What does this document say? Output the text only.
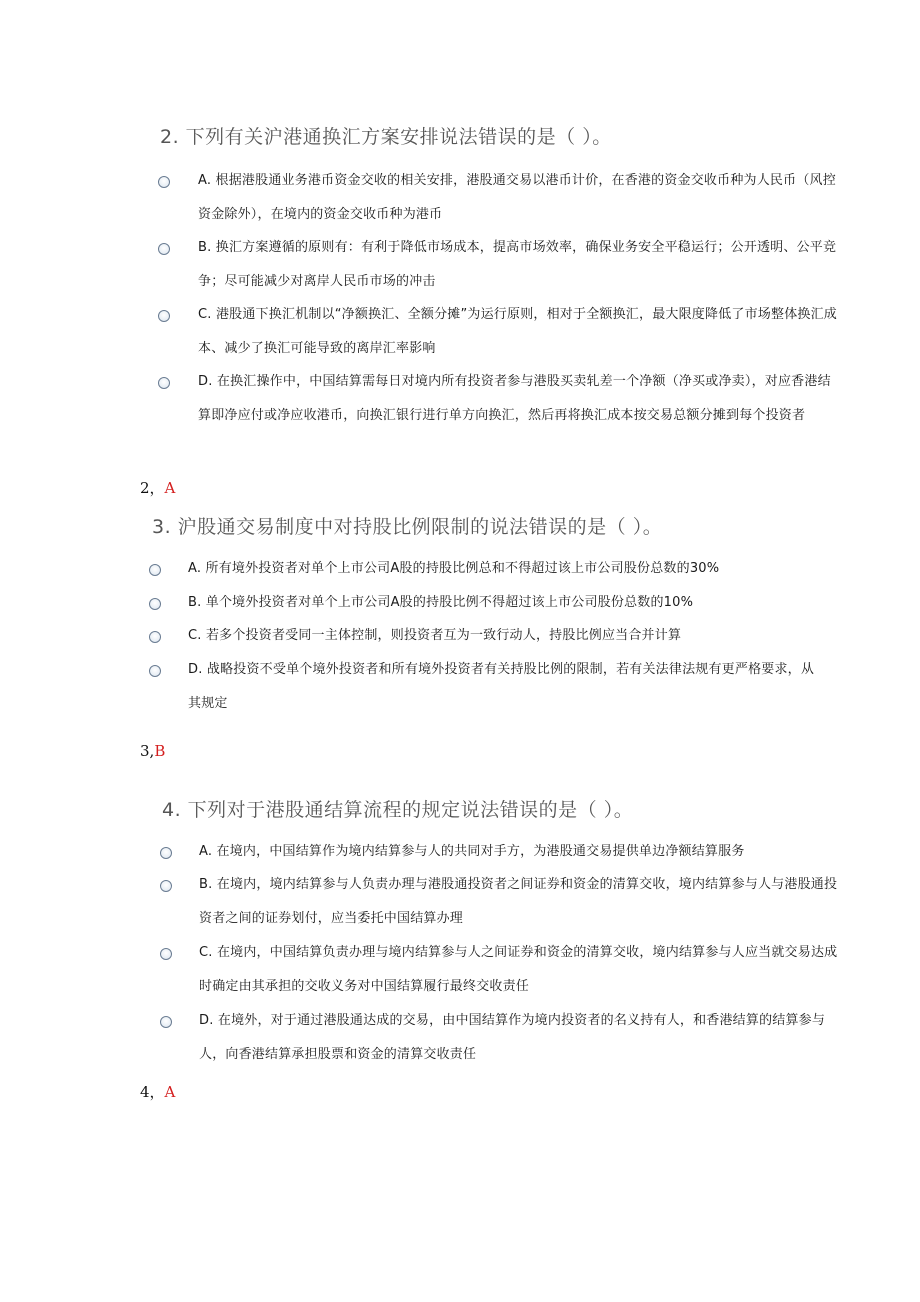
2. 下列有关沪港通换汇方案安排说法错误的是（ ）。
A. 根据港股通业务港币资金交收的相关安排，港股通交易以港币计价，在香港的资金交收币种为人民币（风控资金除外），在境内的资金交收币种为港币
B. 换汇方案遵循的原则有：有利于降低市场成本，提高市场效率，确保业务安全平稳运行；公开透明、公平竞争；尽可能减少对离岸人民币市场的冲击
C. 港股通下换汇机制以“净额换汇、全额分摊”为运行原则，相对于全额换汇，最大限度降低了市场整体换汇成本、减少了换汇可能导致的离岸汇率影响
D. 在换汇操作中，中国结算需每日对境内所有投资者参与港股买卖轧差一个净额（净买或净卖），对应香港结算即净应付或净应收港币，向换汇银行进行单方向换汇，然后再将换汇成本按交易总额分摊到每个投资者
2，A
3. 沪股通交易制度中对持股比例限制的说法错误的是（ ）。
A. 所有境外投资者对单个上市公司A股的持股比例总和不得超过该上市公司股份总数的30%
B. 单个境外投资者对单个上市公司A股的持股比例不得超过该上市公司股份总数的10%
C. 若多个投资者受同一主体控制，则投资者互为一致行动人，持股比例应当合并计算
D. 战略投资不受单个境外投资者和所有境外投资者有关持股比例的限制，若有关法律法规有更严格要求，从其规定
3,B
4. 下列对于港股通结算流程的规定说法错误的是（ ）。
A. 在境内，中国结算作为境内结算参与人的共同对手方，为港股通交易提供单边净额结算服务
B. 在境内，境内结算参与人负责办理与港股通投资者之间证券和资金的清算交收，境内结算参与人与港股通投资者之间的证券划付，应当委托中国结算办理
C. 在境内，中国结算负责办理与境内结算参与人之间证券和资金的清算交收，境内结算参与人应当就交易达成时确定由其承担的交收义务对中国结算履行最终交收责任
D. 在境外，对于通过港股通达成的交易，由中国结算作为境内投资者的名义持有人，和香港结算的结算参与人，向香港结算承担股票和资金的清算交收责任
4，A
